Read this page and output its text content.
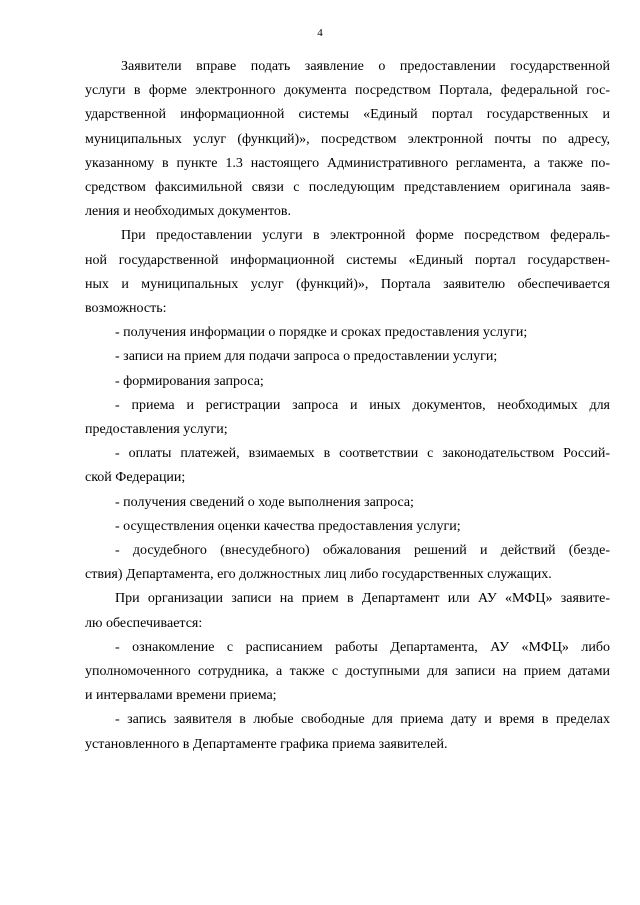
4
Заявители вправе подать заявление о предоставлении государственной
услуги в форме электронного документа посредством Портала, федеральной гос-
ударственной информационной системы «Единый портал государственных и
муниципальных услуг (функций)», посредством электронной почты по адресу,
указанному в пункте 1.3 настоящего Административного регламента, а также по-
средством факсимильной связи с последующим представлением оригинала заяв-
ления и необходимых документов.
При предоставлении услуги в электронной форме посредством федераль-
ной государственной информационной системы «Единый портал государствен-
ных и муниципальных услуг (функций)», Портала заявителю обеспечивается
возможность:
- получения информации о порядке и сроках предоставления услуги;
- записи на прием для подачи запроса о предоставлении услуги;
- формирования запроса;
- приема и регистрации запроса и иных документов, необходимых для
предоставления услуги;
- оплаты платежей, взимаемых в соответствии с законодательством Россий-
ской Федерации;
- получения сведений о ходе выполнения запроса;
- осуществления оценки качества предоставления услуги;
- досудебного (внесудебного) обжалования решений и действий (безде-
ствия) Департамента, его должностных лиц либо государственных служащих.
При организации записи на прием в Департамент или АУ «МФЦ» заявите-
лю обеспечивается:
- ознакомление с расписанием работы Департамента, АУ «МФЦ» либо
уполномоченного сотрудника, а также с доступными для записи на прием датами
и интервалами времени приема;
- запись заявителя в любые свободные для приема дату и время в пределах
установленного в Департаменте графика приема заявителей.
